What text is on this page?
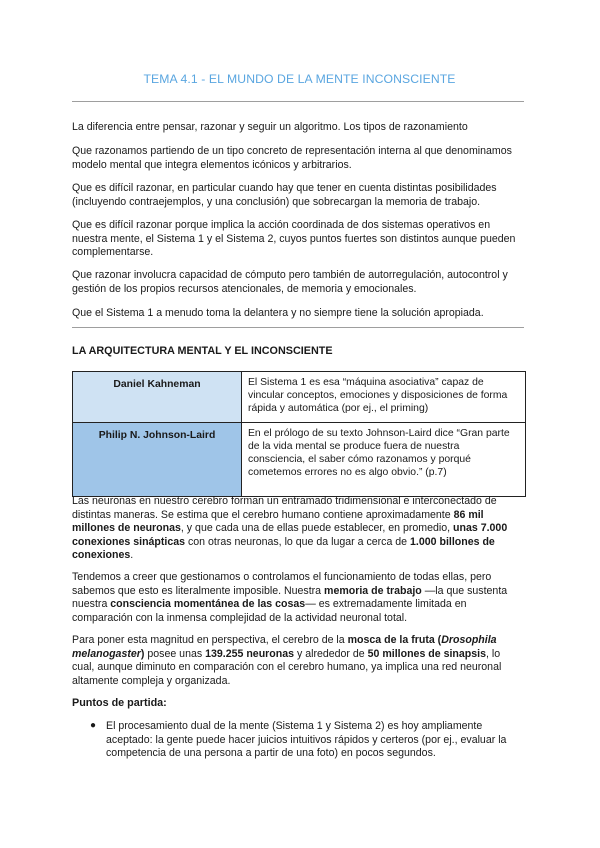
TEMA 4.1 - EL MUNDO DE LA MENTE INCONSCIENTE

La diferencia entre pensar, razonar y seguir un algoritmo. Los tipos de razonamiento

Que razonamos partiendo de un tipo concreto de representación interna al que denominamos modelo mental que integra elementos icónicos y arbitrarios.

Que es difícil razonar, en particular cuando hay que tener en cuenta distintas posibilidades (incluyendo contraejemplos, y una conclusión) que sobrecargan la memoria de trabajo.

Que es difícil razonar porque implica la acción coordinada de dos sistemas operativos en nuestra mente, el Sistema 1 y el Sistema 2, cuyos puntos fuertes son distintos aunque pueden complementarse.

Que razonar involucra capacidad de cómputo pero también de autorregulación, autocontrol y gestión de los propios recursos atencionales, de memoria y emocionales.

Que el Sistema 1 a menudo toma la delantera y no siempre tiene la solución apropiada.

LA ARQUITECTURA MENTAL Y EL INCONSCIENTE
Daniel Kahneman	El Sistema 1 es esa “máquina asociativa” capaz de vincular conceptos, emociones y disposiciones de forma rápida y automática (por ej., el priming)
Philip N. Johnson-Laird	En el prólogo de su texto Johnson-Laird dice “Gran parte de la vida mental se produce fuera de nuestra consciencia, el saber cómo razonamos y porqué cometemos errores no es algo obvio.” (p.7)

Las neuronas en nuestro cerebro forman un entramado tridimensional e interconectado de distintas maneras. Se estima que el cerebro humano contiene aproximadamente 86 mil millones de neuronas, y que cada una de ellas puede establecer, en promedio, unas 7.000 conexiones sinápticas con otras neuronas, lo que da lugar a cerca de 1.000 billones de conexiones.

Tendemos a creer que gestionamos o controlamos el funcionamiento de todas ellas, pero sabemos que esto es literalmente imposible. Nuestra memoria de trabajo —la que sustenta nuestra consciencia momentánea de las cosas— es extremadamente limitada en comparación con la inmensa complejidad de la actividad neuronal total.

Para poner esta magnitud en perspectiva, el cerebro de la mosca de la fruta (Drosophila melanogaster) posee unas 139.255 neuronas y alrededor de 50 millones de sinapsis, lo cual, aunque diminuto en comparación con el cerebro humano, ya implica una red neuronal altamente compleja y organizada.

Puntos de partida:
● El procesamiento dual de la mente (Sistema 1 y Sistema 2) es hoy ampliamente aceptado: la gente puede hacer juicios intuitivos rápidos y certeros (por ej., evaluar la competencia de una persona a partir de una foto) en pocos segundos.
